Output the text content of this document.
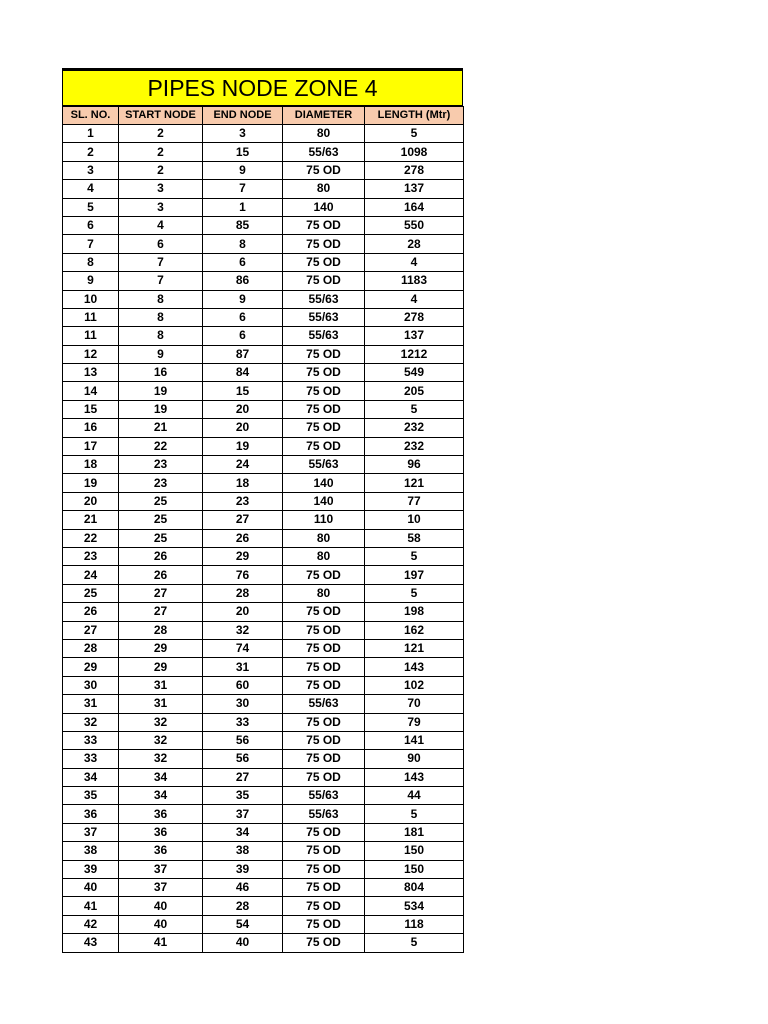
PIPES NODE ZONE 4
SL. NO.	START NODE	END NODE	DIAMETER	LENGTH (Mtr)
1	2	3	80	5
2	2	15	55/63	1098
3	2	9	75 OD	278
4	3	7	80	137
5	3	1	140	164
6	4	85	75 OD	550
7	6	8	75 OD	28
8	7	6	75 OD	4
9	7	86	75 OD	1183
10	8	9	55/63	4
11	8	6	55/63	278
11	8	6	55/63	137
12	9	87	75 OD	1212
13	16	84	75 OD	549
14	19	15	75 OD	205
15	19	20	75 OD	5
16	21	20	75 OD	232
17	22	19	75 OD	232
18	23	24	55/63	96
19	23	18	140	121
20	25	23	140	77
21	25	27	110	10
22	25	26	80	58
23	26	29	80	5
24	26	76	75 OD	197
25	27	28	80	5
26	27	20	75 OD	198
27	28	32	75 OD	162
28	29	74	75 OD	121
29	29	31	75 OD	143
30	31	60	75 OD	102
31	31	30	55/63	70
32	32	33	75 OD	79
33	32	56	75 OD	141
33	32	56	75 OD	90
34	34	27	75 OD	143
35	34	35	55/63	44
36	36	37	55/63	5
37	36	34	75 OD	181
38	36	38	75 OD	150
39	37	39	75 OD	150
40	37	46	75 OD	804
41	40	28	75 OD	534
42	40	54	75 OD	118
43	41	40	75 OD	5
